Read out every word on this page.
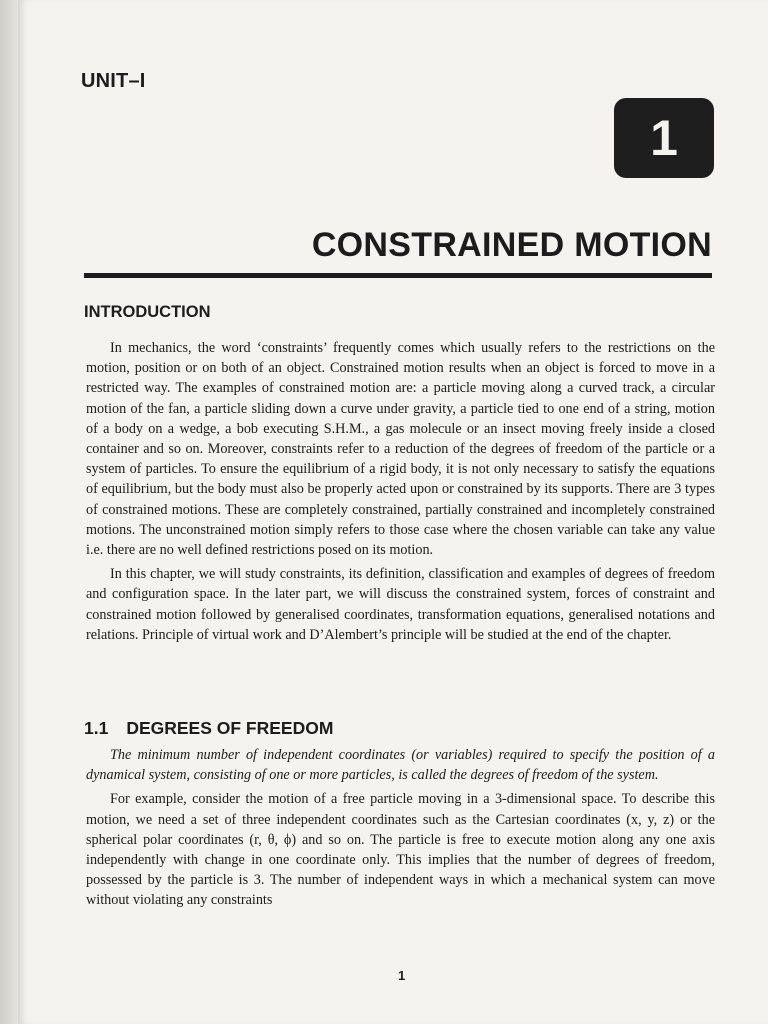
UNIT–I
1
CONSTRAINED MOTION
INTRODUCTION

In mechanics, the word ‘constraints’ frequently comes which usually refers to the restrictions on the motion, position or on both of an object. Constrained motion results when an object is forced to move in a restricted way. The examples of constrained motion are: a particle moving along a curved track, a circular motion of the fan, a particle sliding down a curve under gravity, a particle tied to one end of a string, motion of a body on a wedge, a bob executing S.H.M., a gas molecule or an insect moving freely inside a closed container and so on. Moreover, constraints refer to a reduction of the degrees of freedom of the particle or a system of particles. To ensure the equilibrium of a rigid body, it is not only necessary to satisfy the equations of equilibrium, but the body must also be properly acted upon or constrained by its supports. There are 3 types of constrained motions. These are completely constrained, partially constrained and incompletely constrained motions. The unconstrained motion simply refers to those case where the chosen variable can take any value i.e. there are no well defined restrictions posed on its motion.

In this chapter, we will study constraints, its definition, classification and examples of degrees of freedom and configuration space. In the later part, we will discuss the constrained system, forces of constraint and constrained motion followed by generalised coordinates, transformation equations, generalised notations and relations. Principle of virtual work and D’Alembert’s principle will be studied at the end of the chapter.

1.1 DEGREES OF FREEDOM

The minimum number of independent coordinates (or variables) required to specify the position of a dynamical system, consisting of one or more particles, is called the degrees of freedom of the system.

For example, consider the motion of a free particle moving in a 3-dimensional space. To describe this motion, we need a set of three independent coordinates such as the Cartesian coordinates (x, y, z) or the spherical polar coordinates (r, θ, ϕ) and so on. The particle is free to execute motion along any one axis independently with change in one coordinate only. This implies that the number of degrees of freedom, possessed by the particle is 3. The number of independent ways in which a mechanical system can move without violating any constraints

1
